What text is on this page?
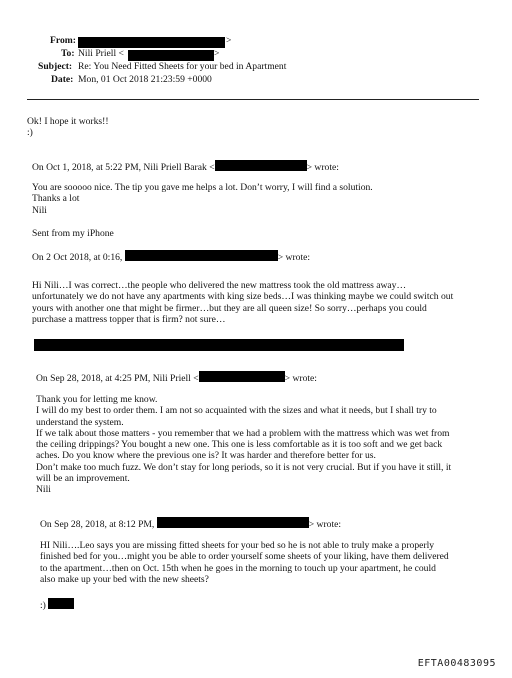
From:	>
To: Nili Priell <	>
Subject: Re: You Need Fitted Sheets for your bed in Apartment
Date: Mon, 01 Oct 2018 21:23:59 +0000
Ok! I hope it works!!
:)
On Oct 1, 2018, at 5:22 PM, Nili Priell Barak <	> wrote:
You are sooooo nice. The tip you gave me helps a lot. Don’t worry, I will find a solution.
Thanks a lot
Nili
Sent from my iPhone
On 2 Oct 2018, at 0:16,	> wrote:
Hi Nili…I was correct…the people who delivered the new mattress took the old mattress away…
unfortunately we do not have any apartments with king size beds…I was thinking maybe we could switch out
yours with another one that might be firmer…but they are all queen size! So sorry…perhaps you could
purchase a mattress topper that is firm? not sure…
On Sep 28, 2018, at 4:25 PM, Nili Priell <	> wrote:
Thank you for letting me know.
I will do my best to order them. I am not so acquainted with the sizes and what it needs, but I shall try to
understand the system.
If we talk about those matters - you remember that we had a problem with the mattress which was wet from
the ceiling drippings? You bought a new one. This one is less comfortable as it is too soft and we get back
aches. Do you know where the previous one is? It was harder and therefore better for us.
Don’t make too much fuzz. We don’t stay for long periods, so it is not very crucial. But if you have it still, it
will be an improvement.
Nili
On Sep 28, 2018, at 8:12 PM,	> wrote:
HI Nili….Leo says you are missing fitted sheets for your bed so he is not able to truly make a properly
finished bed for you…might you be able to order yourself some sheets of your liking, have them delivered
to the apartment…then on Oct. 15th when he goes in the morning to touch up your apartment, he could
also make up your bed with the new sheets?
:)
EFTA00483095
